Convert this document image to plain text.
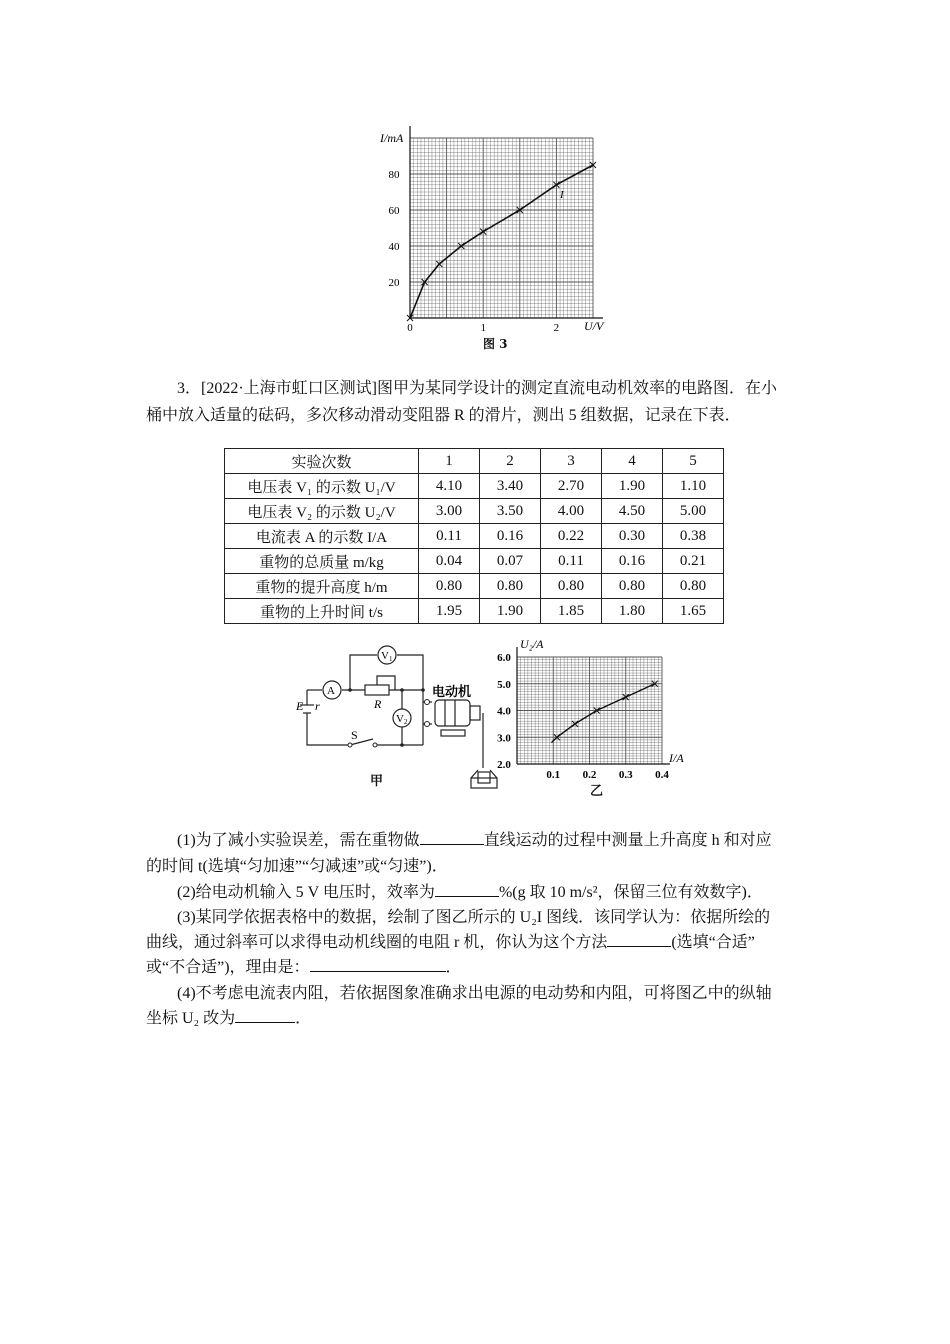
20
40
60
80
0	1	2
I/mA
U/V
I
图 3
3．[2022·上海市虹口区测试]图甲为某同学设计的测定直流电动机效率的电路图．在小
桶中放入适量的砝码，多次移动滑动变阻器 R 的滑片，测出 5 组数据，记录在下表．
实验次数	1	2	3	4	5
电压表 V₁ 的示数 U₁/V	4.10	3.40	2.70	1.90	1.10
电压表 V₂ 的示数 U₂/V	3.00	3.50	4.00	4.50	5.00
电流表 A 的示数 I/A	0.11	0.16	0.22	0.30	0.38
重物的总质量 m/kg	0.04	0.07	0.11	0.16	0.21
重物的提升高度 h/m	0.80	0.80	0.80	0.80	0.80
重物的上升时间 t/s	1.95	1.90	1.85	1.80	1.65
V 1
A
V 2
R
E r
S
电动机
甲
2.0
3.0
4.0
5.0
6.0
0.1 0.2 0.3 0.4
U₂/A
I/A
乙
(1)为了减小实验误差，需在重物做	直线运动的过程中测量上升高度 h 和对应
的时间 t(选填“匀加速”“匀减速”或“匀速”)．
(2)给电动机输入 5 V 电压时，效率为	%(g 取 10 m/s²，保留三位有效数字)．
(3)某同学依据表格中的数据，绘制了图乙所示的 U₂I 图线．该同学认为：依据所绘的
曲线，通过斜率可以求得电动机线圈的电阻 r 机，你认为这个方法	(选填“合适”
或“不合适”)，理由是：	．
(4)不考虑电流表内阻，若依据图象准确求出电源的电动势和内阻，可将图乙中的纵轴
坐标 U₂ 改为	．
